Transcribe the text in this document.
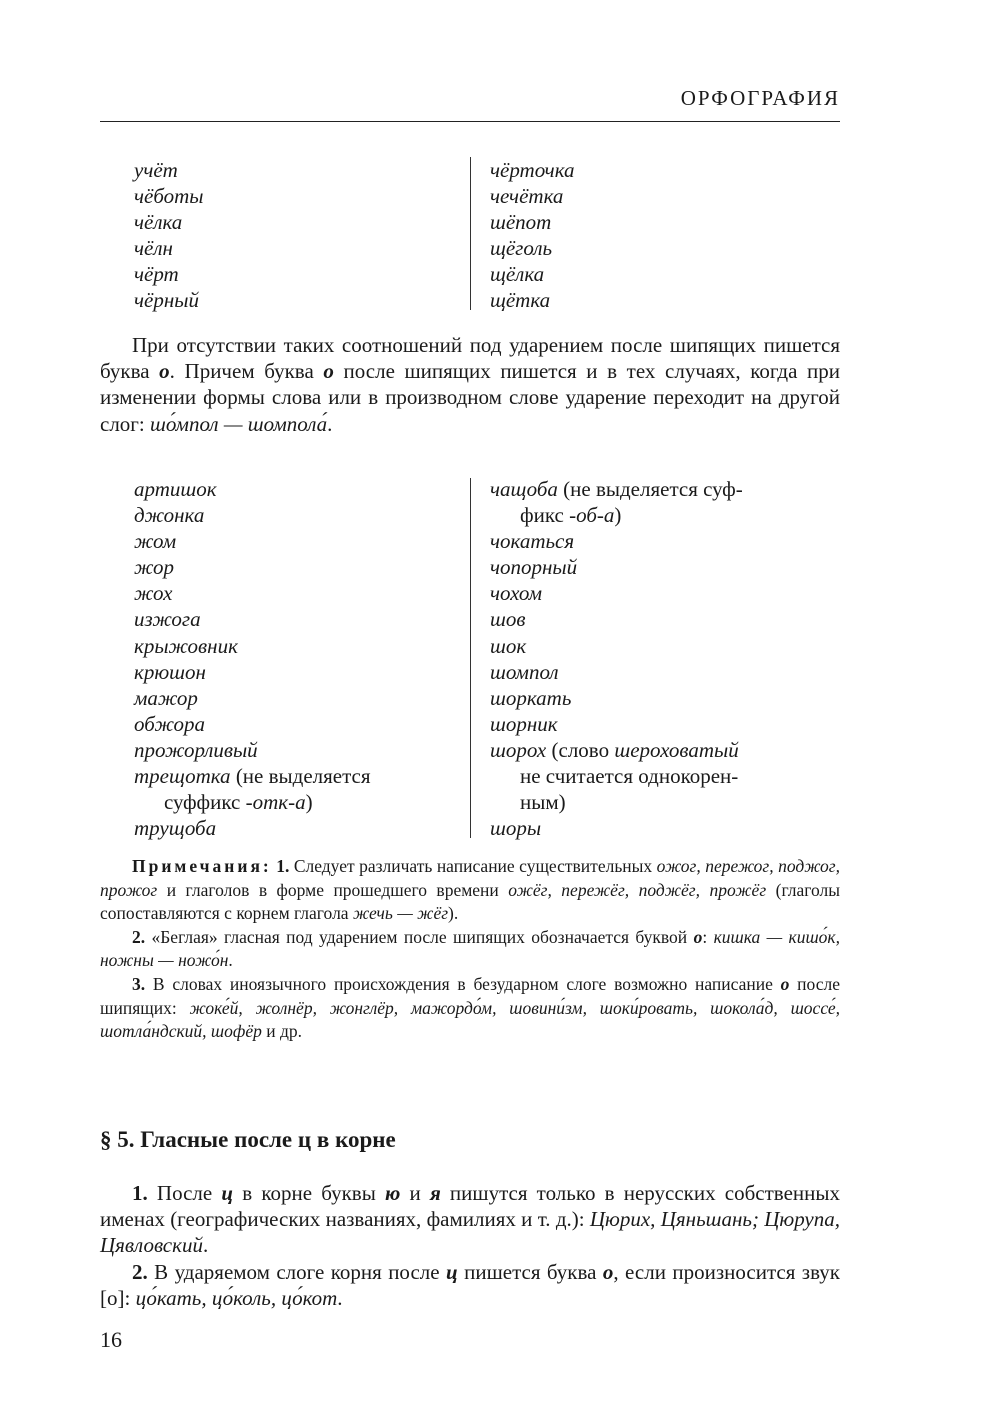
ОРФОГРАФИЯ
учёт
чёботы
чёлка
чёлн
чёрт
чёрный
чёрточка
чечётка
шёпот
щёголь
щёлка
щётка
При отсутствии таких соотношений под ударением после шипящих пишется буква о. Причем буква о после шипящих пишется и в тех случаях, когда при изменении формы слова или в производном слове ударение переходит на другой слог: шо́мпол — шомпола́.
артишок
джонка
жом
жор
жох
изжога
крыжовник
крюшон
мажор
обжора
прожорливый
трещотка (не выделяется
суффикс -отк-а)
трущоба
чащоба (не выделяется суф-
фикс -об-а)
чокаться
чопорный
чохом
шов
шок
шомпол
шоркать
шорник
шорох (слово шероховатый
не считается однокорен-
ным)
шоры

Примечания: 1. Следует различать написание существительных ожог, пережог, поджог, прожог и глаголов в форме прошедшего времени ожёг, пережёг, поджёг, прожёг (глаголы сопоставляются с корнем глагола жечь — жёг).

2. «Беглая» гласная под ударением после шипящих обозначается буквой о: кишка — кишо́к, ножны — ножо́н.

3. В словах иноязычного происхождения в безударном слоге возможно написание о после шипящих: жоке́й, жолнёр, жонглёр, мажордо́м, шовини́зм, шоки́ровать, шокола́д, шоссе́, шотла́ндский, шофёр и др.

§ 5. Гласные после ц в корне
1. После ц в корне буквы ю и я пишутся только в нерусских собственных именах (географических названиях, фамилиях и т. д.): Цюрих, Цяньшань; Цюрупа, Цявловский.
2. В ударяемом слоге корня после ц пишется буква о, если произносится звук [о]: цо́кать, цо́коль, цо́кот.
16
